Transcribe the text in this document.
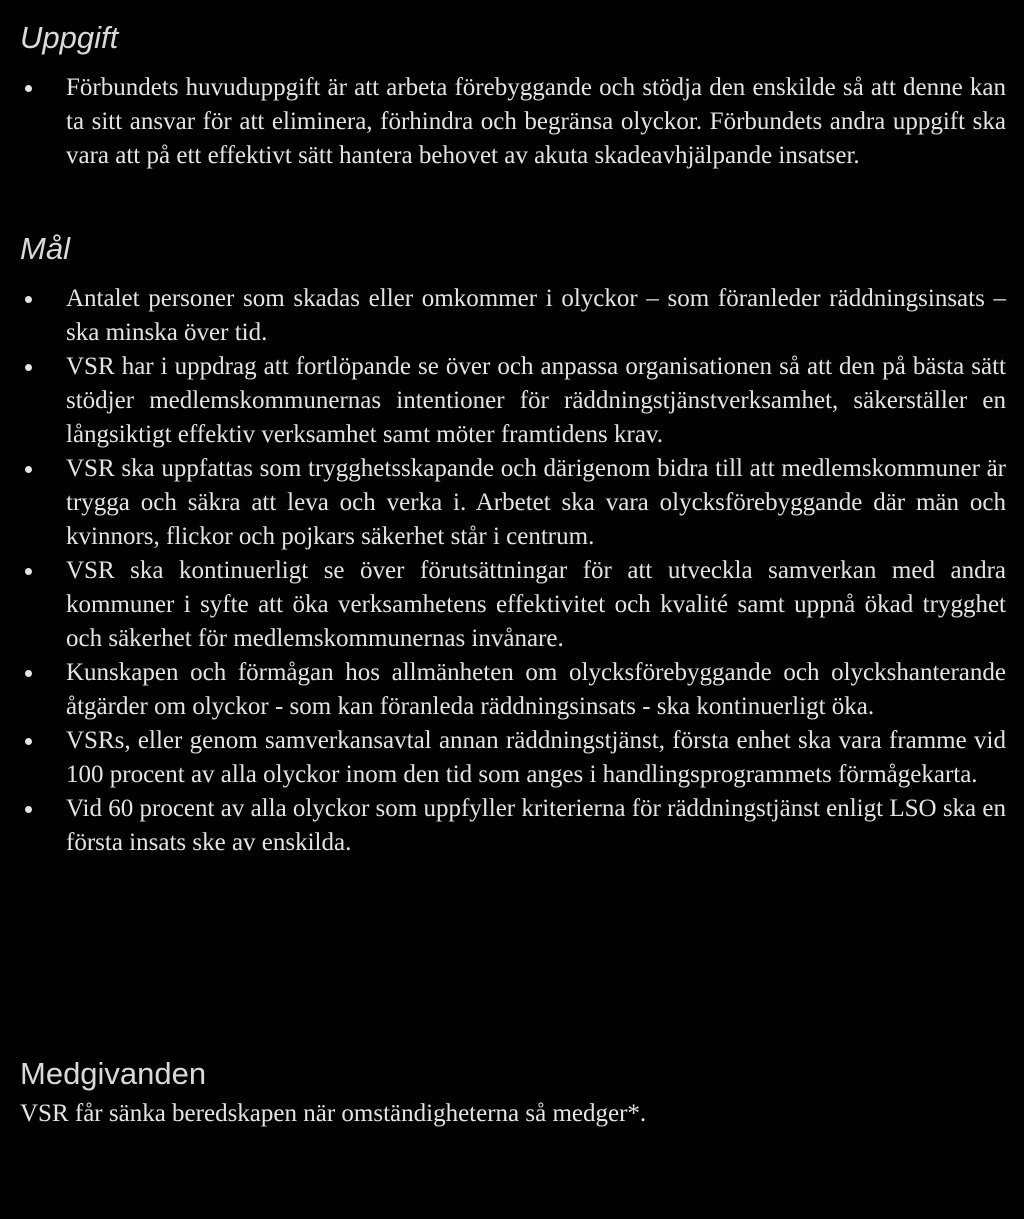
Uppgift
Förbundets huvuduppgift är att arbeta förebyggande och stödja den enskilde så att denne kan ta sitt ansvar för att eliminera, förhindra och begränsa olyckor. Förbundets andra uppgift ska vara att på ett effektivt sätt hantera behovet av akuta skadeavhjälpande insatser.
Mål
Antalet personer som skadas eller omkommer i olyckor – som föranleder räddningsinsats – ska minska över tid.
VSR har i uppdrag att fortlöpande se över och anpassa organisationen så att den på bästa sätt stödjer medlemskommunernas intentioner för räddningstjänstverksamhet, säkerställer en långsiktigt effektiv verksamhet samt möter framtidens krav.
VSR ska uppfattas som trygghetsskapande och därigenom bidra till att medlemskommuner är trygga och säkra att leva och verka i. Arbetet ska vara olycksförebyggande där män och kvinnors, flickor och pojkars säkerhet står i centrum.
VSR ska kontinuerligt se över förutsättningar för att utveckla samverkan med andra kommuner i syfte att öka verksamhetens effektivitet och kvalité samt uppnå ökad trygghet och säkerhet för medlemskommunernas invånare.
Kunskapen och förmågan hos allmänheten om olycksförebyggande och olyckshanterande åtgärder om olyckor - som kan föranleda räddningsinsats - ska kontinuerligt öka.
VSRs, eller genom samverkansavtal annan räddningstjänst, första enhet ska vara framme vid 100 procent av alla olyckor inom den tid som anges i handlingsprogrammets förmågekarta.
Vid 60 procent av alla olyckor som uppfyller kriterierna för räddningstjänst enligt LSO ska en första insats ske av enskilda.
Medgivanden

VSR får sänka beredskapen när omständigheterna så medger*.
